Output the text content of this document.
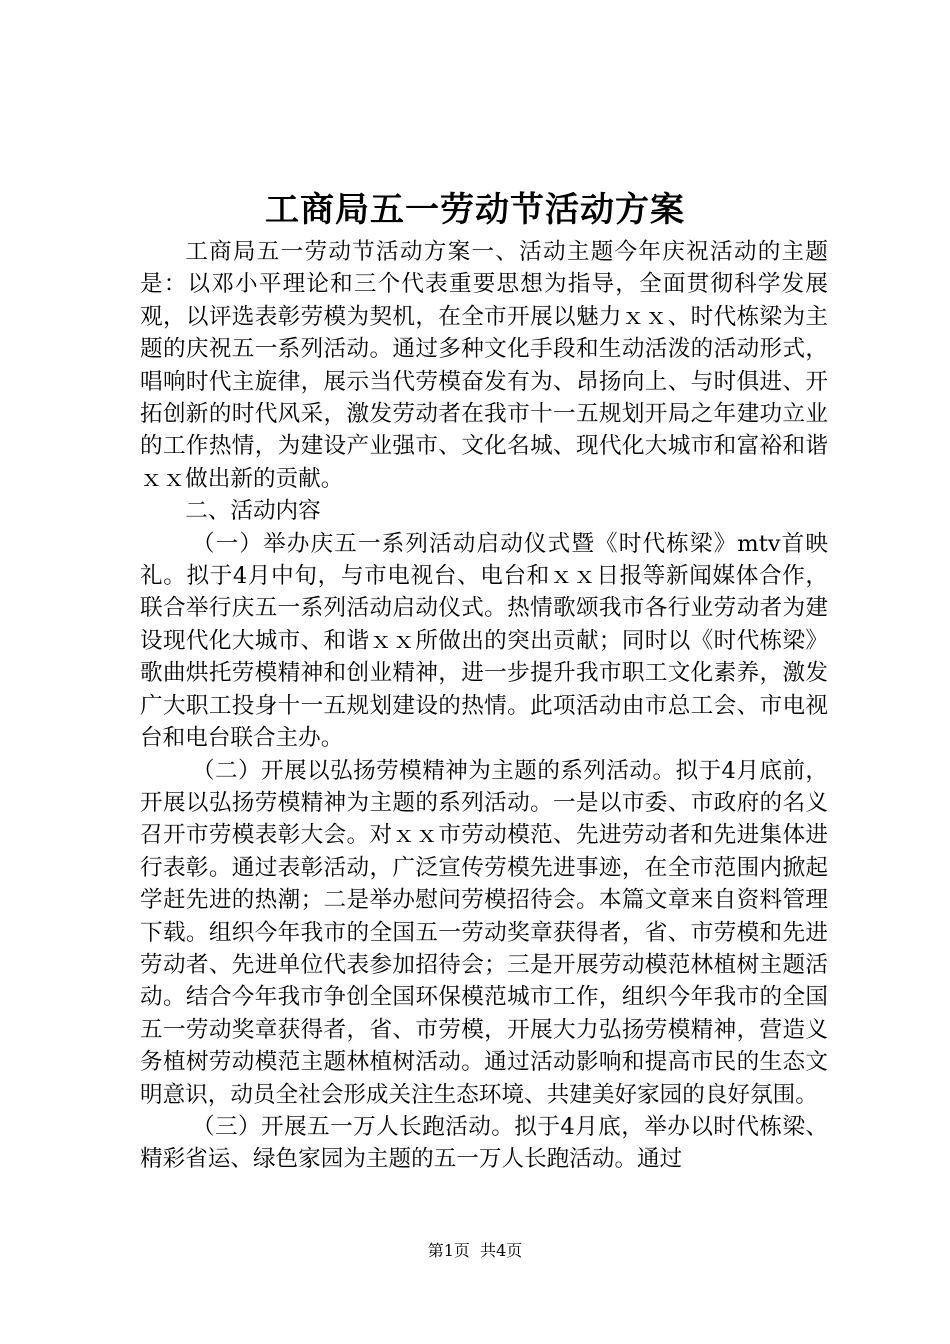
工商局五一劳动节活动方案

工商局五一劳动节活动方案一、活动主题今年庆祝活动的主题是：以邓小平理论和三个代表重要思想为指导，全面贯彻科学发展观，以评选表彰劳模为契机，在全市开展以魅力ｘｘ、时代栋梁为主题的庆祝五一系列活动。通过多种文化手段和生动活泼的活动形式，唱响时代主旋律，展示当代劳模奋发有为、昂扬向上、与时俱进、开拓创新的时代风采，激发劳动者在我市十一五规划开局之年建功立业的工作热情，为建设产业强市、文化名城、现代化大城市和富裕和谐ｘｘ做出新的贡献。

二、活动内容

（一）举办庆五一系列活动启动仪式暨《时代栋梁》mtv首映礼。拟于4月中旬，与市电视台、电台和ｘｘ日报等新闻媒体合作，联合举行庆五一系列活动启动仪式。热情歌颂我市各行业劳动者为建设现代化大城市、和谐ｘｘ所做出的突出贡献；同时以《时代栋梁》歌曲烘托劳模精神和创业精神，进一步提升我市职工文化素养，激发广大职工投身十一五规划建设的热情。此项活动由市总工会、市电视台和电台联合主办。

（二）开展以弘扬劳模精神为主题的系列活动。拟于4月底前，开展以弘扬劳模精神为主题的系列活动。一是以市委、市政府的名义召开市劳模表彰大会。对ｘｘ市劳动模范、先进劳动者和先进集体进行表彰。通过表彰活动，广泛宣传劳模先进事迹，在全市范围内掀起学赶先进的热潮；二是举办慰问劳模招待会。本篇文章来自资料管理下载。组织今年我市的全国五一劳动奖章获得者，省、市劳模和先进劳动者、先进单位代表参加招待会；三是开展劳动模范林植树主题活动。结合今年我市争创全国环保模范城市工作，组织今年我市的全国五一劳动奖章获得者，省、市劳模，开展大力弘扬劳模精神，营造义务植树劳动模范主题林植树活动。通过活动影响和提高市民的生态文明意识，动员全社会形成关注生态环境、共建美好家园的良好氛围。

（三）开展五一万人长跑活动。拟于4月底，举办以时代栋梁、精彩省运、绿色家园为主题的五一万人长跑活动。通过

第1页  共4页
